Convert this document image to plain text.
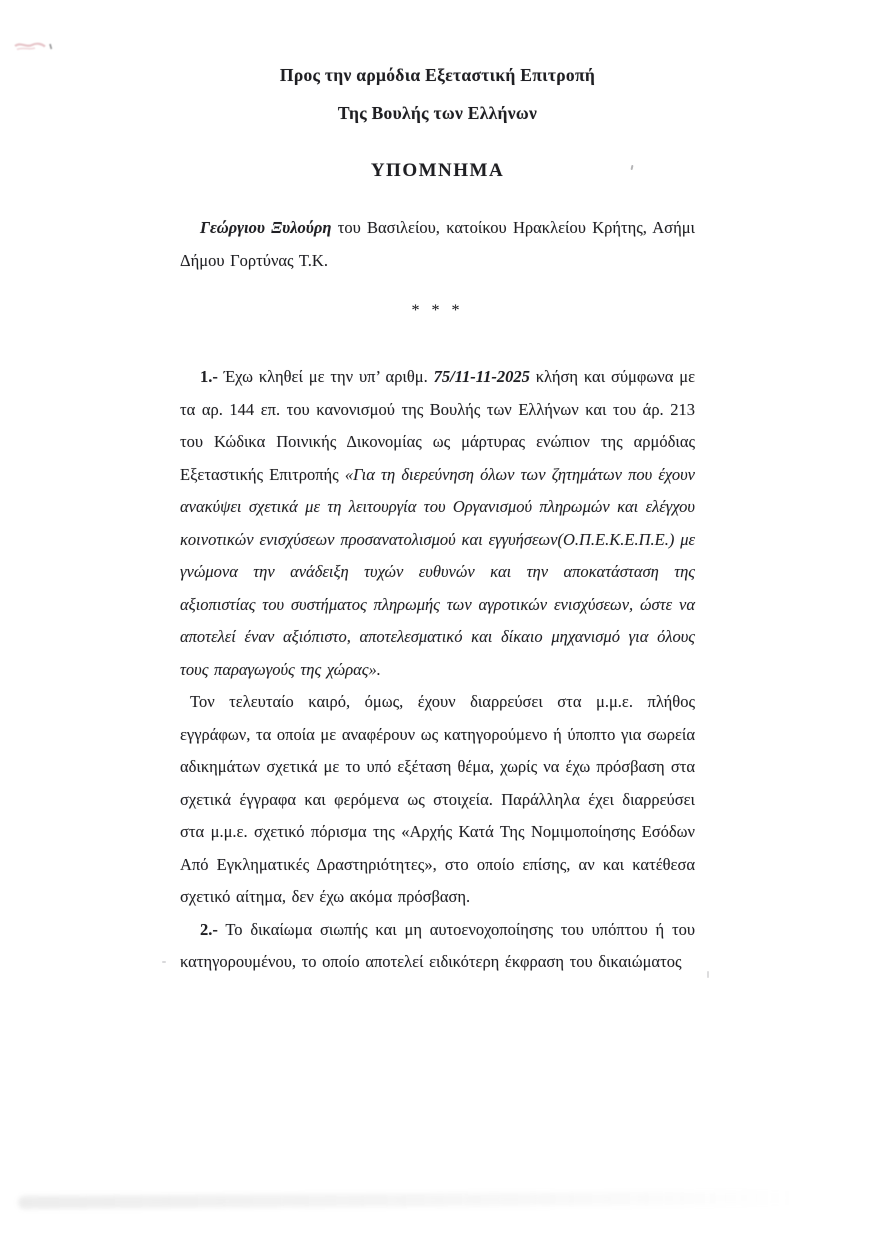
Προς την αρμόδια Εξεταστική Επιτροπή
Της Βουλής των Ελλήνων
ΥΠΟΜΝΗΜΑ
Γεώργιου Ξυλούρη του Βασιλείου, κατοίκου Ηρακλείου Κρήτης, Ασήμι Δήμου Γορτύνας Τ.Κ.
* * *
1.- Έχω κληθεί με την υπ’ αριθμ. 75/11-11-2025 κλήση και σύμφωνα με τα αρ. 144 επ. του κανονισμού της Βουλής των Ελλήνων και του άρ. 213 του Κώδικα Ποινικής Δικονομίας ως μάρτυρας ενώπιον της αρμόδιας Εξεταστικής Επιτροπής «Για τη διερεύνηση όλων των ζητημάτων που έχουν ανακύψει σχετικά με τη λειτουργία του Οργανισμού πληρωμών και ελέγχου κοινοτικών ενισχύσεων προσανατολισμού και εγγυήσεων(Ο.Π.Ε.Κ.Ε.Π.Ε.) με γνώμονα την ανάδειξη τυχών ευθυνών και την αποκατάσταση της αξιοπιστίας του συστήματος πληρωμής των αγροτικών ενισχύσεων, ώστε να αποτελεί έναν αξιόπιστο, αποτελεσματικό και δίκαιο μηχανισμό για όλους τους παραγωγούς της χώρας».
Τον τελευταίο καιρό, όμως, έχουν διαρρεύσει στα μ.μ.ε. πλήθος εγγράφων, τα οποία με αναφέρουν ως κατηγορούμενο ή ύποπτο για σωρεία αδικημάτων σχετικά με το υπό εξέταση θέμα, χωρίς να έχω πρόσβαση στα σχετικά έγγραφα και φερόμενα ως στοιχεία. Παράλληλα έχει διαρρεύσει στα μ.μ.ε. σχετικό πόρισμα της «Αρχής Κατά Της Νομιμοποίησης Εσόδων Από Εγκληματικές Δραστηριότητες», στο οποίο επίσης, αν και κατέθεσα σχετικό αίτημα, δεν έχω ακόμα πρόσβαση.
2.- Το δικαίωμα σιωπής και μη αυτοενοχοποίησης του υπόπτου ή του κατηγορουμένου, το οποίο αποτελεί ειδικότερη έκφραση του δικαιώματος
